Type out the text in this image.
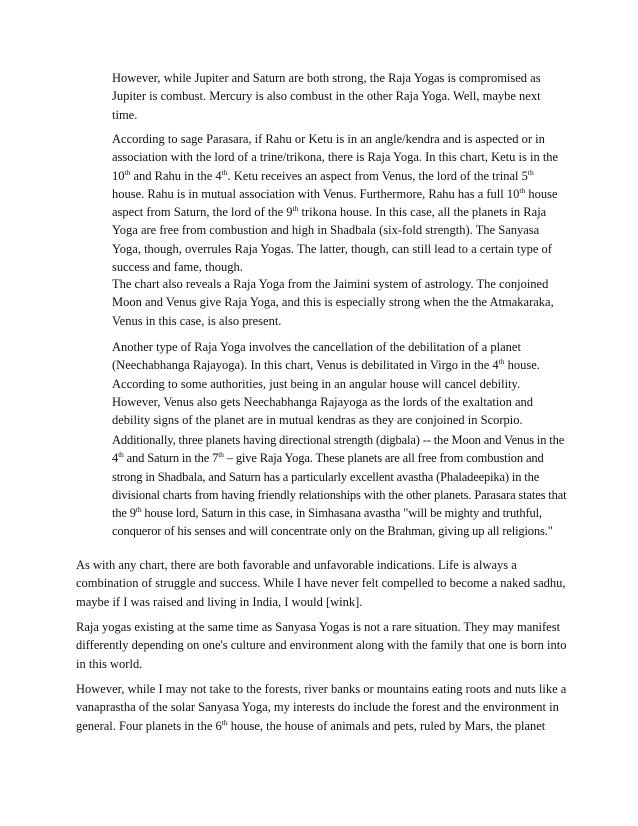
However, while Jupiter and Saturn are both strong, the Raja Yogas is compromised as Jupiter is combust. Mercury is also combust in the other Raja Yoga. Well, maybe next time.

According to sage Parasara, if Rahu or Ketu is in an angle/kendra and is aspected or in association with the lord of a trine/trikona, there is Raja Yoga. In this chart, Ketu is in the 10th and Rahu in the 4th. Ketu receives an aspect from Venus, the lord of the trinal 5th house. Rahu is in mutual association with Venus. Furthermore, Rahu has a full 10th house aspect from Saturn, the lord of the 9th trikona house. In this case, all the planets in Raja Yoga are free from combustion and high in Shadbala (six-fold strength). The Sanyasa Yoga, though, overrules Raja Yogas. The latter, though, can still lead to a certain type of success and fame, though.

The chart also reveals a Raja Yoga from the Jaimini system of astrology. The conjoined Moon and Venus give Raja Yoga, and this is especially strong when the the Atmakaraka, Venus in this case, is also present.

Another type of Raja Yoga involves the cancellation of the debilitation of a planet (Neechabhanga Rajayoga). In this chart, Venus is debilitated in Virgo in the 4th house. According to some authorities, just being in an angular house will cancel debility. However, Venus also gets Neechabhanga Rajayoga as the lords of the exaltation and debility signs of the planet are in mutual kendras as they are conjoined in Scorpio.

Additionally, three planets having directional strength (digbala) -- the Moon and Venus in the 4th and Saturn in the 7th – give Raja Yoga. These planets are all free from combustion and strong in Shadbala, and Saturn has a particularly excellent avastha (Phaladeepika) in the divisional charts from having friendly relationships with the other planets. Parasara states that the 9th house lord, Saturn in this case, in Simhasana avastha "will be mighty and truthful, conqueror of his senses and will concentrate only on the Brahman, giving up all religions."

As with any chart, there are both favorable and unfavorable indications. Life is always a combination of struggle and success. While I have never felt compelled to become a naked sadhu, maybe if I was raised and living in India, I would [wink].

Raja yogas existing at the same time as Sanyasa Yogas is not a rare situation. They may manifest differently depending on one's culture and environment along with the family that one is born into in this world.

However, while I may not take to the forests, river banks or mountains eating roots and nuts like a vanaprastha of the solar Sanyasa Yoga, my interests do include the forest and the environment in general. Four planets in the 6th house, the house of animals and pets, ruled by Mars, the planet
